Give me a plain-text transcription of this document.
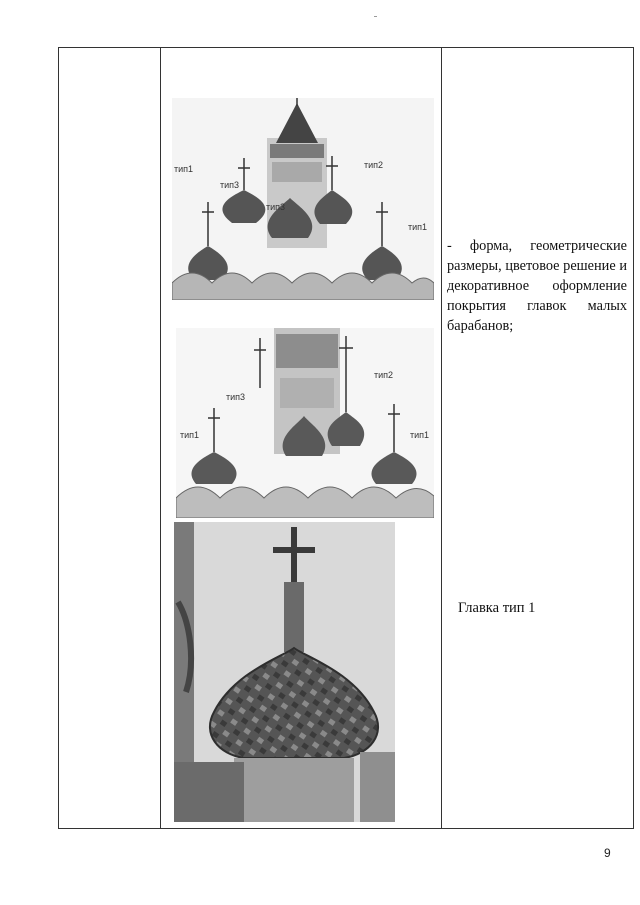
тип1
тип3
тип2
тип3
тип1
тип2
тип3
тип1	тип1
- форма, геометрические размеры, цветовое решение и декоративное оформление покрытия главок малых барабанов;
Главка тип 1
9
